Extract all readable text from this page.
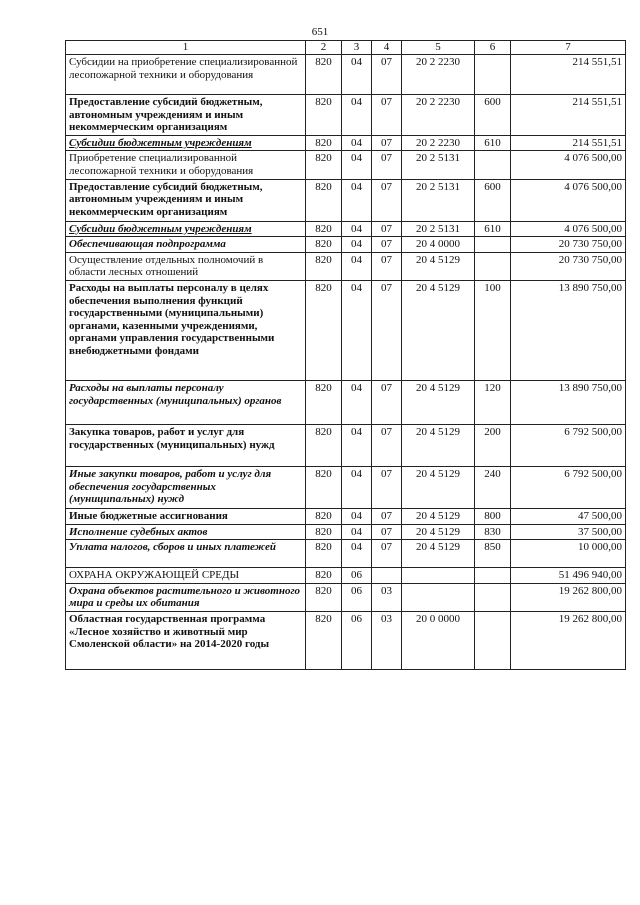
651
1	2	3	4	5	6	7
Субсидии на приобретение специализированной лесопожарной техники и оборудования	820	04	07	20 2 2230		214 551,51
Предоставление субсидий бюджетным, автономным учреждениям и иным некоммерческим организациям	820	04	07	20 2 2230	600	214 551,51
Субсидии бюджетным учреждениям	820	04	07	20 2 2230	610	214 551,51
Приобретение специализированной лесопожарной техники и оборудования	820	04	07	20 2 5131		4 076 500,00
Предоставление субсидий бюджетным, автономным учреждениям и иным некоммерческим организациям	820	04	07	20 2 5131	600	4 076 500,00
Субсидии бюджетным учреждениям	820	04	07	20 2 5131	610	4 076 500,00
Обеспечивающая подпрограмма	820	04	07	20 4 0000		20 730 750,00
Осуществление отдельных полномочий в области лесных отношений	820	04	07	20 4 5129		20 730 750,00
Расходы на выплаты персоналу в целях обеспечения выполнения функций государственными (муниципальными) органами, казенными учреждениями, органами управления государственными внебюджетными фондами	820	04	07	20 4 5129	100	13 890 750,00
Расходы на выплаты персоналу государственных (муниципальных) органов	820	04	07	20 4 5129	120	13 890 750,00
Закупка товаров, работ и услуг для государственных (муниципальных) нужд	820	04	07	20 4 5129	200	6 792 500,00
Иные закупки товаров, работ и услуг для обеспечения государственных (муниципальных) нужд	820	04	07	20 4 5129	240	6 792 500,00
Иные бюджетные ассигнования	820	04	07	20 4 5129	800	47 500,00
Исполнение судебных актов	820	04	07	20 4 5129	830	37 500,00
Уплата налогов, сборов и иных платежей	820	04	07	20 4 5129	850	10 000,00
ОХРАНА ОКРУЖАЮЩЕЙ СРЕДЫ	820	06				51 496 940,00
Охрана объектов растительного и животного мира и среды их обитания	820	06	03			19 262 800,00
Областная государственная программа «Лесное хозяйство и животный мир Смоленской области» на 2014-2020 годы	820	06	03	20 0 0000		19 262 800,00
